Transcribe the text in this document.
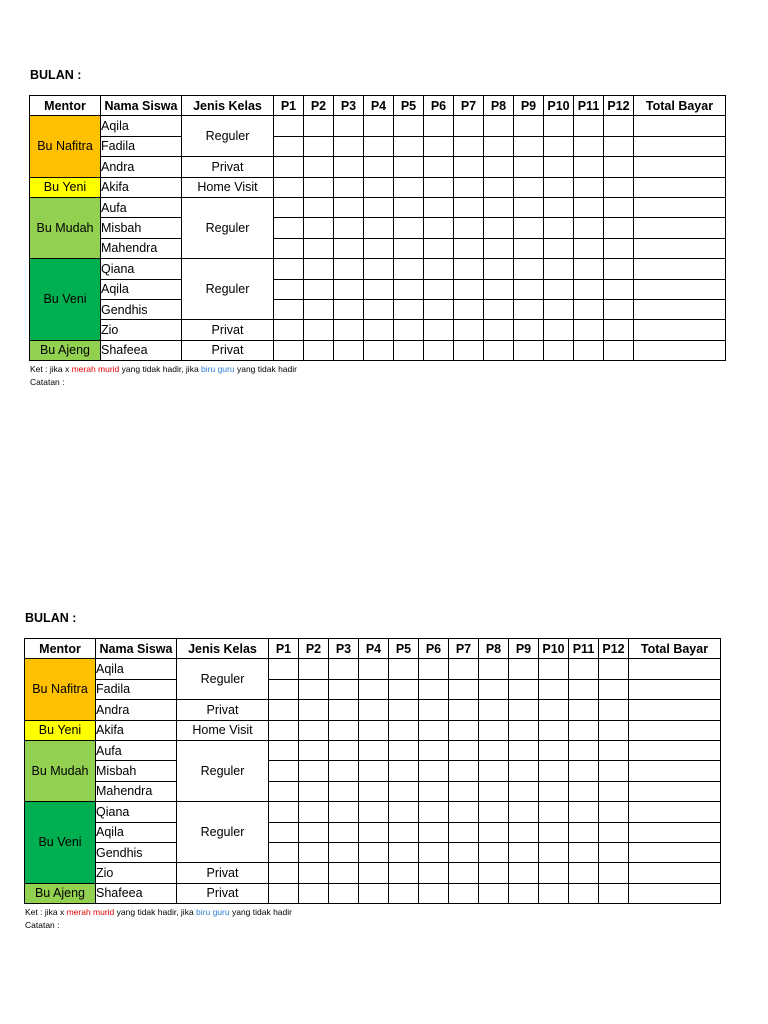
BULAN :
Mentor	Nama Siswa	Jenis Kelas	P1	P2	P3	P4	P5	P6	P7	P8	P9	P10	P11	P12	Total Bayar
Bu Nafitra	Aqila	Reguler													
	Fadila														
	Andra	Privat													
Bu Yeni	Akifa	Home Visit													
Bu Mudah	Aufa	Reguler													
	Misbah														
	Mahendra														
Bu Veni	Qiana	Reguler													
	Aqila														
	Gendhis														
	Zio	Privat													
Bu Ajeng	Shafeea	Privat													
Ket : jika x merah murid yang tidak hadir, jika biru guru yang tidak hadir
Catatan :
BULAN :
Mentor	Nama Siswa	Jenis Kelas	P1	P2	P3	P4	P5	P6	P7	P8	P9	P10	P11	P12	Total Bayar
Bu Nafitra	Aqila	Reguler													
	Fadila														
	Andra	Privat													
Bu Yeni	Akifa	Home Visit													
Bu Mudah	Aufa	Reguler													
	Misbah														
	Mahendra														
Bu Veni	Qiana	Reguler													
	Aqila														
	Gendhis														
	Zio	Privat													
Bu Ajeng	Shafeea	Privat													
Ket : jika x merah murid yang tidak hadir, jika biru guru yang tidak hadir
Catatan :
